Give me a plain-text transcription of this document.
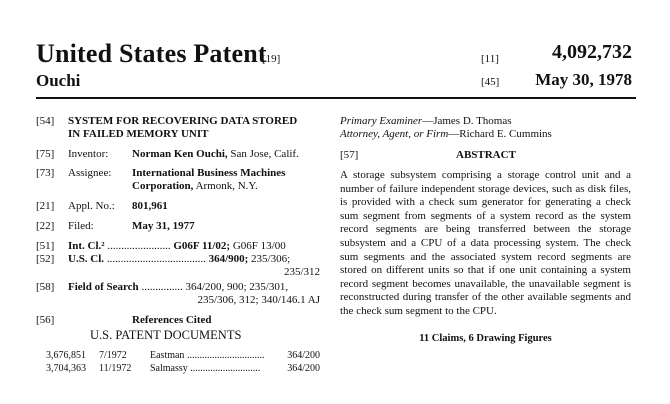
United States Patent
[19]
Ouchi
[11]	4,092,732
[45] May 30, 1978
[54] SYSTEM FOR RECOVERING DATA STORED
IN FAILED MEMORY UNIT
[75] Inventor: Norman Ken Ouchi, San Jose, Calif.
[73] Assignee: International Business Machines
Corporation, Armonk, N.Y.
[21] Appl. No.: 801,961
[22] Filed:	May 31, 1977
[51] Int. Cl.² ....................... G06F 11/02; G06F 13/00
[52] U.S. Cl. .................................... 364/900; 235/306;
235/312
[58] Field of Search ............... 364/200, 900; 235/301,
235/306, 312; 340/146.1 AJ
[56]	References Cited
U.S. PATENT DOCUMENTS
3,676,851 7/1972 Eastman ............................... 364/200
3,704,363 11/1972 Salmassy ............................	364/200
Primary Examiner—James D. Thomas
Attorney, Agent, or Firm—Richard E. Cummins
[57]	ABSTRACT
A storage subsystem comprising a storage control unit and a number of failure independent storage devices, such as disk files, is provided with a check sum generator for generating a check sum segment from segments of a system record as the system record segments are being transferred between the storage subsystem and a CPU of a data processing system. The check sum segments and the associated system record segments are stored on different units so that if one unit containing a system record segment becomes unavailable, the unavailable segment is reconstructed during transfer of the other available segments and the check sum segment to the CPU.
11 Claims, 6 Drawing Figures
